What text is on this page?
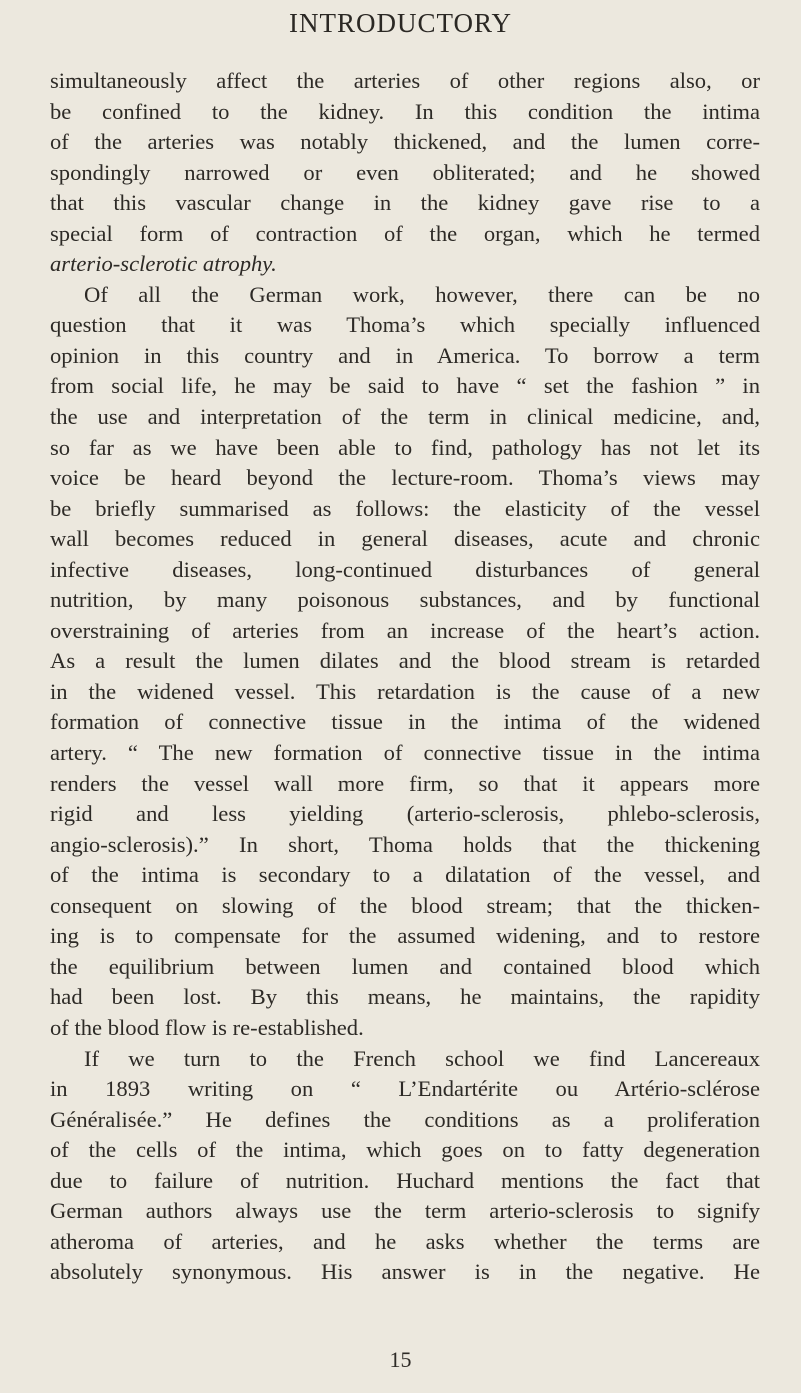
INTRODUCTORY
simultaneously affect the arteries of other regions also, or
be confined to the kidney. In this condition the intima
of the arteries was notably thickened, and the lumen corre-
spondingly narrowed or even obliterated; and he showed
that this vascular change in the kidney gave rise to a
special form of contraction of the organ, which he termed
arterio-sclerotic atrophy.
Of all the German work, however, there can be no
question that it was Thoma’s which specially influenced
opinion in this country and in America. To borrow a term
from social life, he may be said to have “ set the fashion ” in
the use and interpretation of the term in clinical medicine, and,
so far as we have been able to find, pathology has not let its
voice be heard beyond the lecture-room. Thoma’s views may
be briefly summarised as follows: the elasticity of the vessel
wall becomes reduced in general diseases, acute and chronic
infective diseases, long-continued disturbances of general
nutrition, by many poisonous substances, and by functional
overstraining of arteries from an increase of the heart’s action.
As a result the lumen dilates and the blood stream is retarded
in the widened vessel. This retardation is the cause of a new
formation of connective tissue in the intima of the widened
artery. “ The new formation of connective tissue in the intima
renders the vessel wall more firm, so that it appears more
rigid and less yielding (arterio-sclerosis, phlebo-sclerosis,
angio-sclerosis).” In short, Thoma holds that the thickening
of the intima is secondary to a dilatation of the vessel, and
consequent on slowing of the blood stream; that the thicken-
ing is to compensate for the assumed widening, and to restore
the equilibrium between lumen and contained blood which
had been lost. By this means, he maintains, the rapidity
of the blood flow is re-established.
If we turn to the French school we find Lancereaux
in 1893 writing on “ L’Endartérite ou Artério-sclérose
Généralisée.” He defines the conditions as a proliferation
of the cells of the intima, which goes on to fatty degeneration
due to failure of nutrition. Huchard mentions the fact that
German authors always use the term arterio-sclerosis to signify
atheroma of arteries, and he asks whether the terms are
absolutely synonymous. His answer is in the negative. He
15
